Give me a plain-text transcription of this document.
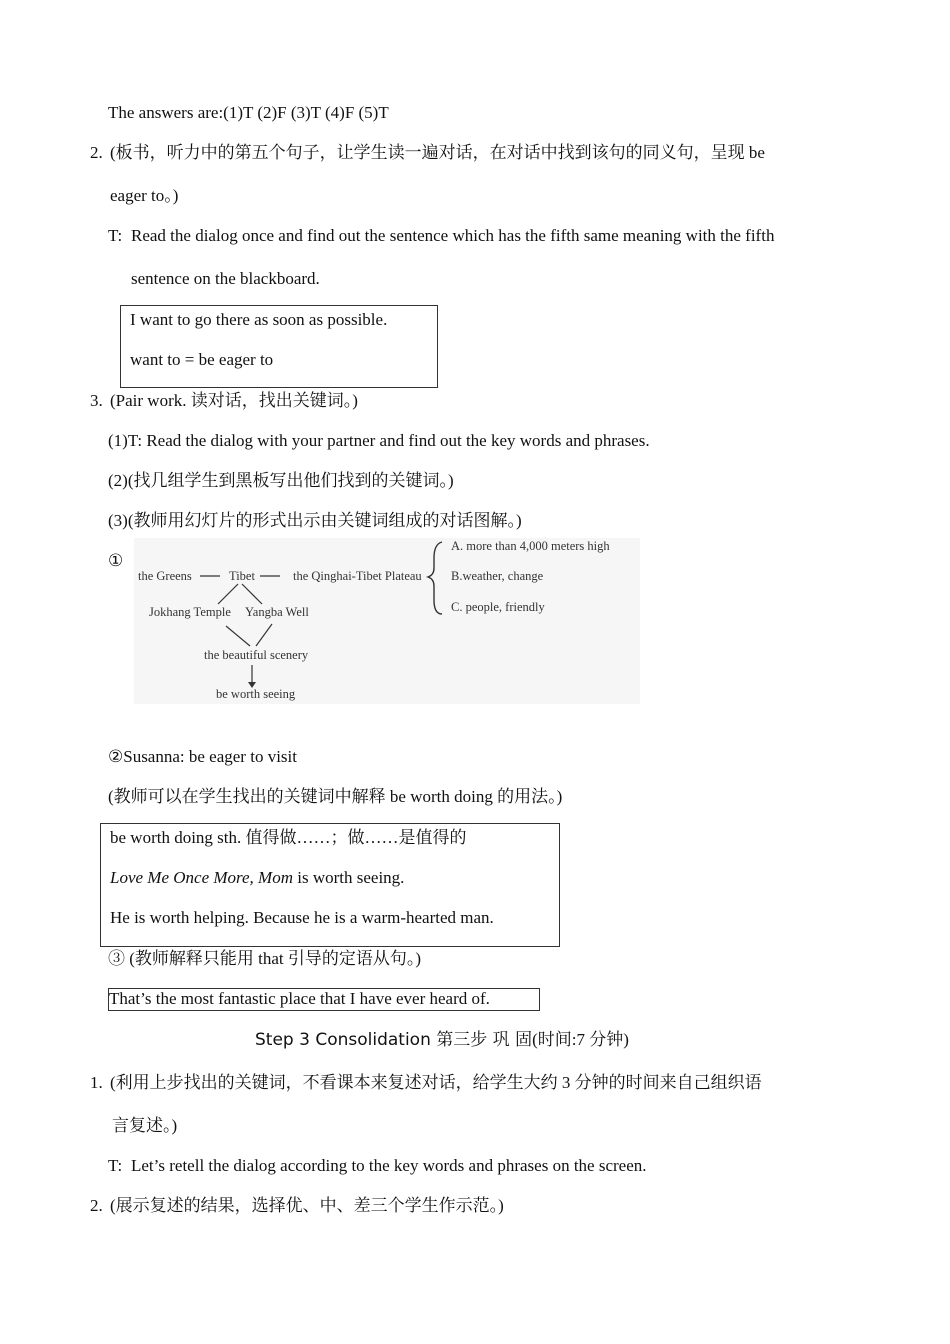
The answers are:(1)T (2)F (3)T (4)F (5)T
2. (板书，听力中的第五个句子，让学生读一遍对话，在对话中找到该句的同义句，呈现 be
eager to。)
T: Read the dialog once and find out the sentence which has the fifth same meaning with the fifth
sentence on the blackboard.
I want to go there as soon as possible.
want to = be eager to
3. (Pair work. 读对话，找出关键词。)
(1)T: Read the dialog with your partner and find out the key words and phrases.
(2)(找几组学生到黑板写出他们找到的关键词。)
(3)(教师用幻灯片的形式出示由关键词组成的对话图解。)
①
the Greens	Tibet	the Qinghai-Tibet Plateau
A. more than 4,000 meters high
B.weather, change
C. people, friendly
Jokhang Temple Yangba Well
the beautiful scenery
be worth seeing
②Susanna: be eager to visit
(教师可以在学生找出的关键词中解释 be worth doing 的用法。)
be worth doing sth. 值得做……；做……是值得的
Love Me Once More, Mom is worth seeing.
He is worth helping. Because he is a warm-hearted man.
③ (教师解释只能用 that 引导的定语从句。)
That’s the most fantastic place that I have ever heard of.
Step 3 Consolidation 第三步 巩 固(时间:7 分钟)
1. (利用上步找出的关键词，不看课本来复述对话，给学生大约 3 分钟的时间来自己组织语
言复述。)
T: Let’s retell the dialog according to the key words and phrases on the screen.
2. (展示复述的结果，选择优、中、差三个学生作示范。)
